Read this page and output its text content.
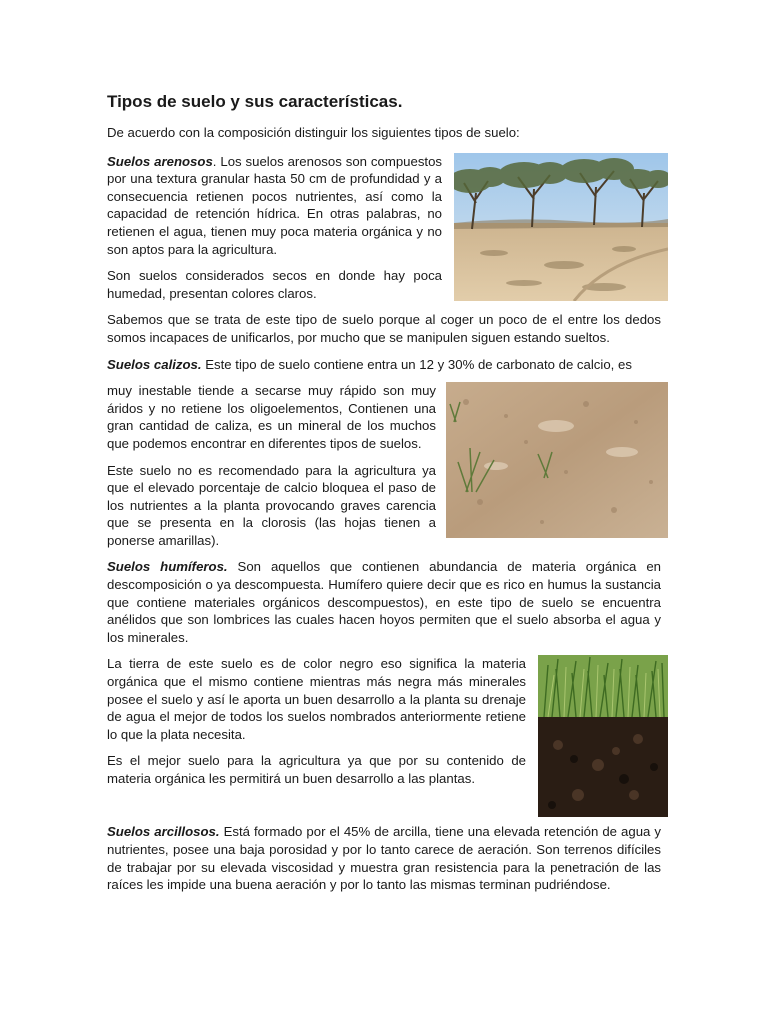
Tipos de suelo y sus características.

De acuerdo con la composición distinguir los siguientes tipos de suelo:

Suelos arenosos. Los suelos arenosos son compuestos por una textura granular hasta 50 cm de profundidad y a consecuencia retienen pocos nutrientes, así como la capacidad de retención hídrica. En otras palabras, no retienen el agua, tienen muy poca materia orgánica y no son aptos para la agricultura.

Son suelos considerados secos en donde hay poca humedad, presentan colores claros.

Sabemos que se trata de este tipo de suelo porque al coger un poco de el entre los dedos somos incapaces de unificarlos, por mucho que se manipulen siguen estando sueltos.

Suelos calizos. Este tipo de suelo contiene entra un 12 y 30% de carbonato de calcio, es

muy inestable tiende a secarse muy rápido son muy áridos y no retiene los oligoelementos, Contienen una gran cantidad de caliza, es un mineral de los muchos que podemos encontrar en diferentes tipos de suelos.

Este suelo no es recomendado para la agricultura ya que el elevado porcentaje de calcio bloquea el paso de los nutrientes a la planta provocando graves carencia que se presenta en la clorosis (las hojas tienen a ponerse amarillas).

Suelos humíferos. Son aquellos que contienen abundancia de materia orgánica en descomposición o ya descompuesta. Humífero quiere decir que es rico en humus la sustancia que contiene materiales orgánicos descompuestos), en este tipo de suelo se encuentra anélidos que son lombrices las cuales hacen hoyos permiten que el suelo absorba el agua y los minerales.

La tierra de este suelo es de color negro eso significa la materia orgánica que el mismo contiene mientras más negra más minerales posee el suelo y así le aporta un buen desarrollo a la planta su drenaje de agua el mejor de todos los suelos nombrados anteriormente retiene lo que la plata necesita.

Es el mejor suelo para la agricultura ya que por su contenido de materia orgánica les permitirá un buen desarrollo a las plantas.

Suelos arcillosos. Está formado por el 45% de arcilla, tiene una elevada retención de agua y nutrientes, posee una baja porosidad y por lo tanto carece de aeración. Son terrenos difíciles de trabajar por su elevada viscosidad y muestra gran resistencia para la penetración de las raíces les impide una buena aeración y por lo tanto las mismas terminan pudriéndose.
